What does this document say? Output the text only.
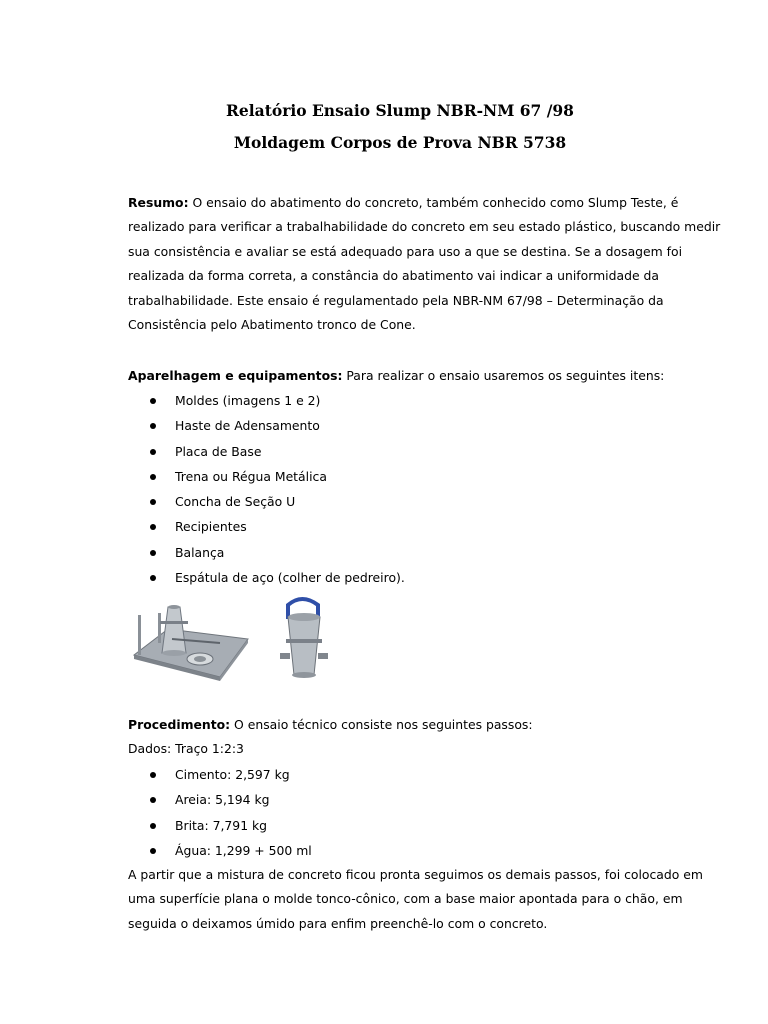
Relatório Ensaio Slump NBR-NM 67 /98
Moldagem Corpos de Prova NBR 5738
Resumo: O ensaio do abatimento do concreto, também conhecido como Slump Teste, é
realizado para verificar a trabalhabilidade do concreto em seu estado plástico, buscando medir
sua consistência e avaliar se está adequado para uso a que se destina. Se a dosagem foi
realizada da forma correta, a constância do abatimento vai indicar a uniformidade da
trabalhabilidade. Este ensaio é regulamentado pela NBR-NM 67/98 – Determinação da
Consistência pelo Abatimento tronco de Cone.
Aparelhagem e equipamentos: Para realizar o ensaio usaremos os seguintes itens:
Moldes (imagens 1 e 2)
Haste de Adensamento
Placa de Base
Trena ou Régua Metálica
Concha de Seção U
Recipientes
Balança
Espátula de aço (colher de pedreiro).
Procedimento: O ensaio técnico consiste nos seguintes passos:
Dados: Traço 1:2:3
Cimento: 2,597 kg
Areia: 5,194 kg
Brita: 7,791 kg
Água: 1,299 + 500 ml
A partir que a mistura de concreto ficou pronta seguimos os demais passos, foi colocado em
uma superfície plana o molde tonco-cônico, com a base maior apontada para o chão, em
seguida o deixamos úmido para enfim preenchê-lo com o concreto.
